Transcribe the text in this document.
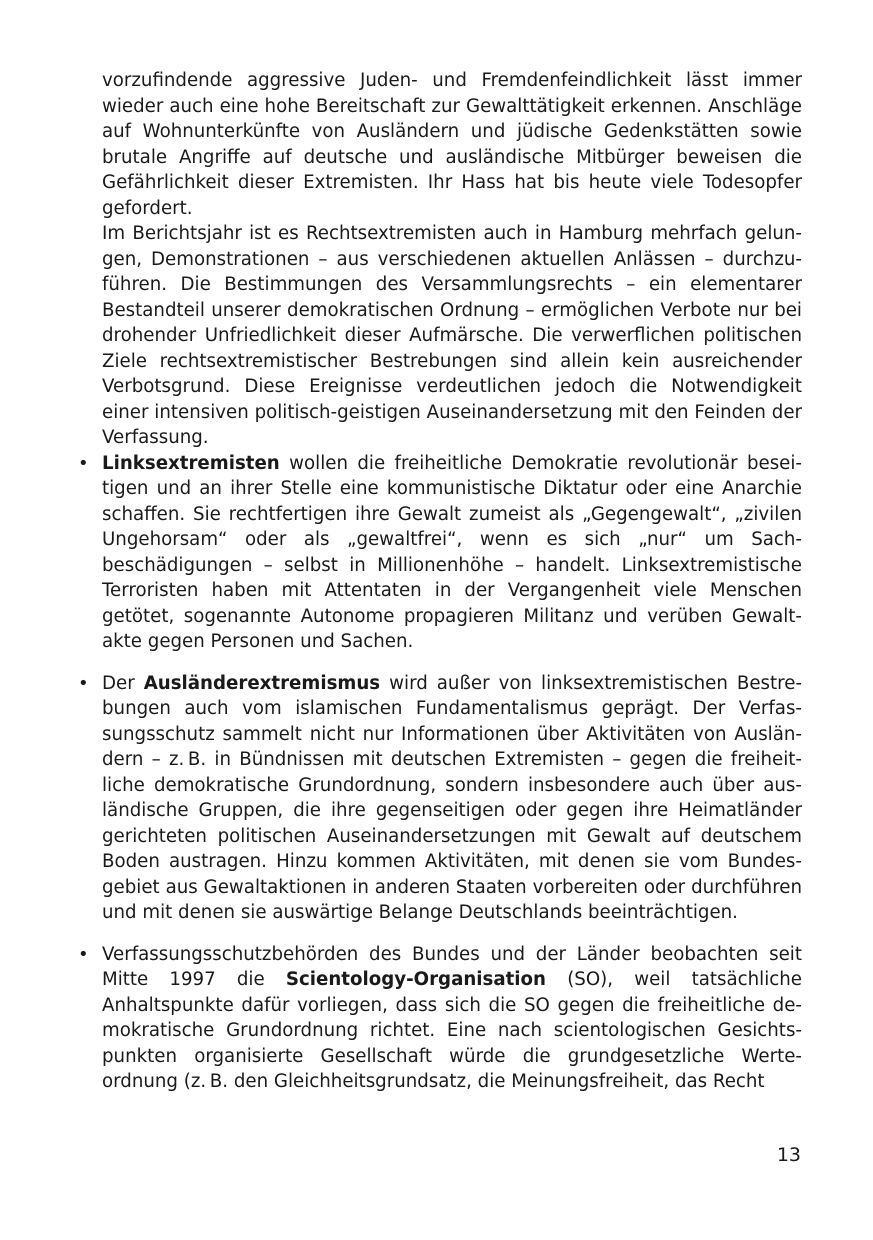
vorzufindende aggressive Juden- und Fremdenfeindlichkeit lässt immer wieder auch eine hohe Bereitschaft zur Gewalttätigkeit erkennen. Anschläge auf Wohnunterkünfte von Ausländern und jüdische Gedenkstätten sowie brutale Angriffe auf deutsche und ausländische Mitbürger beweisen die Gefährlichkeit dieser Extremisten. Ihr Hass hat bis heute viele Todesopfer gefordert.

Im Berichtsjahr ist es Rechtsextremisten auch in Hamburg mehrfach gelungen, Demonstrationen – aus verschiedenen aktuellen Anlässen – durchzuführen. Die Bestimmungen des Versammlungsrechts – ein elementarer Bestandteil unserer demokratischen Ordnung – ermöglichen Verbote nur bei drohender Unfriedlichkeit dieser Aufmärsche. Die verwerflichen politischen Ziele rechtsextremistischer Bestrebungen sind allein kein ausreichender Verbotsgrund. Diese Ereignisse verdeutlichen jedoch die Notwendigkeit einer intensiven politisch-geistigen Auseinandersetzung mit den Feinden der Verfassung.

• Linksextremisten wollen die freiheitliche Demokratie revolutionär beseitigen und an ihrer Stelle eine kommunistische Diktatur oder eine Anarchie schaffen. Sie rechtfertigen ihre Gewalt zumeist als „Gegengewalt“, „zivilen Ungehorsam“ oder als „gewaltfrei“, wenn es sich „nur“ um Sachbeschädigungen – selbst in Millionenhöhe – handelt. Linksextremistische Terroristen haben mit Attentaten in der Vergangenheit viele Menschen getötet, sogenannte Autonome propagieren Militanz und verüben Gewaltakte gegen Personen und Sachen.

• Der Ausländerextremismus wird außer von linksextremistischen Bestrebungen auch vom islamischen Fundamentalismus geprägt. Der Verfassungsschutz sammelt nicht nur Informationen über Aktivitäten von Ausländern – z. B. in Bündnissen mit deutschen Extremisten – gegen die freiheitliche demokratische Grundordnung, sondern insbesondere auch über ausländische Gruppen, die ihre gegenseitigen oder gegen ihre Heimatländer gerichteten politischen Auseinandersetzungen mit Gewalt auf deutschem Boden austragen. Hinzu kommen Aktivitäten, mit denen sie vom Bundesgebiet aus Gewaltaktionen in anderen Staaten vorbereiten oder durchführen und mit denen sie auswärtige Belange Deutschlands beeinträchtigen.

• Verfassungsschutzbehörden des Bundes und der Länder beobachten seit Mitte 1997 die Scientology-Organisation (SO), weil tatsächliche Anhaltspunkte dafür vorliegen, dass sich die SO gegen die freiheitliche demokratische Grundordnung richtet. Eine nach scientologischen Gesichtspunkten organisierte Gesellschaft würde die grundgesetzliche Werteordnung (z. B. den Gleichheitsgrundsatz, die Meinungsfreiheit, das Recht

13
